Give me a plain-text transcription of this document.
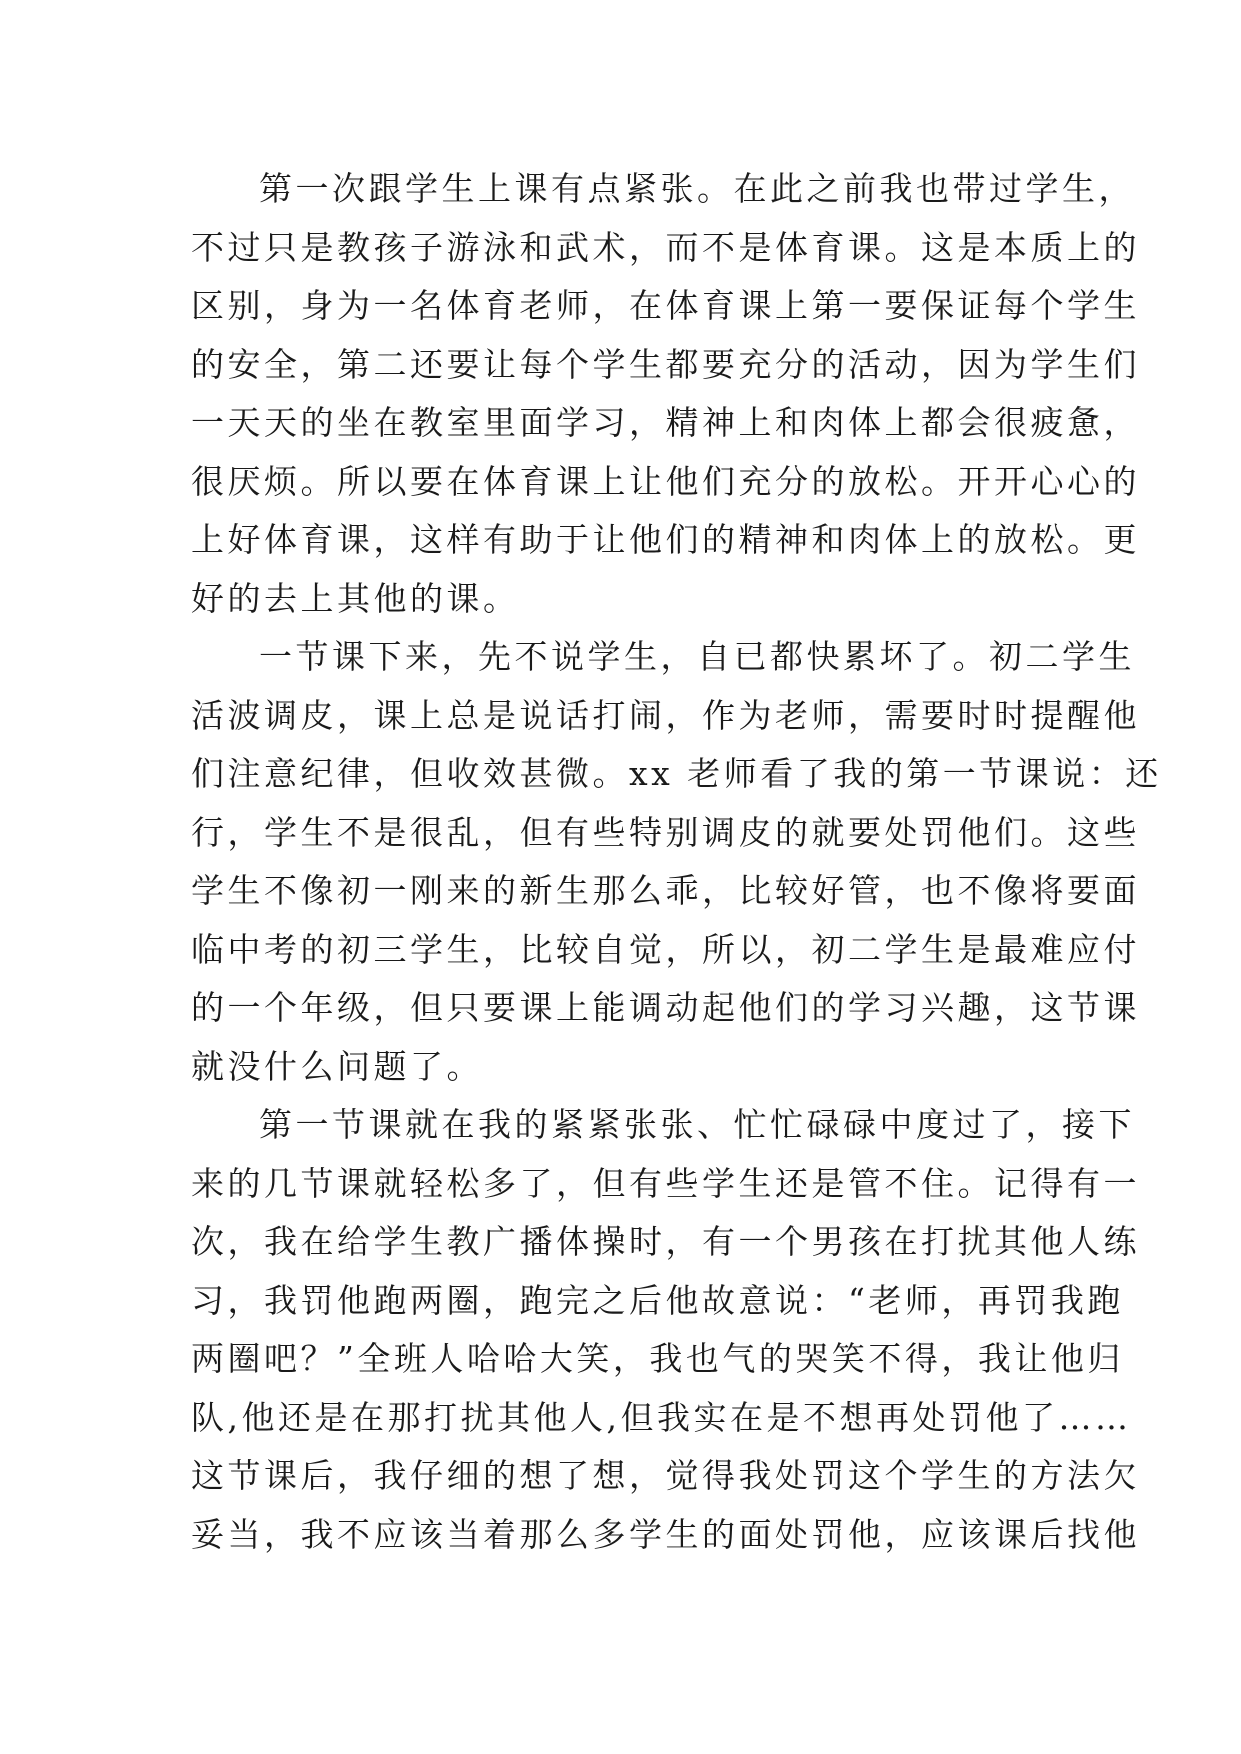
第一次跟学生上课有点紧张。在此之前我也带过学生，
不过只是教孩子游泳和武术，而不是体育课。这是本质上的
区别，身为一名体育老师，在体育课上第一要保证每个学生
的安全，第二还要让每个学生都要充分的活动，因为学生们
一天天的坐在教室里面学习，精神上和肉体上都会很疲惫，
很厌烦。所以要在体育课上让他们充分的放松。开开心心的
上好体育课，这样有助于让他们的精神和肉体上的放松。更
好的去上其他的课。
一节课下来，先不说学生，自已都快累坏了。初二学生
活波调皮，课上总是说话打闹，作为老师，需要时时提醒他
们注意纪律，但收效甚微。xx 老师看了我的第一节课说：还
行，学生不是很乱，但有些特别调皮的就要处罚他们。这些
学生不像初一刚来的新生那么乖，比较好管，也不像将要面
临中考的初三学生，比较自觉，所以，初二学生是最难应付
的一个年级，但只要课上能调动起他们的学习兴趣，这节课
就没什么问题了。
第一节课就在我的紧紧张张、忙忙碌碌中度过了，接下
来的几节课就轻松多了，但有些学生还是管不住。记得有一
次，我在给学生教广播体操时，有一个男孩在打扰其他人练
习，我罚他跑两圈，跑完之后他故意说：“老师，再罚我跑
两圈吧？”全班人哈哈大笑，我也气的哭笑不得，我让他归
队,他还是在那打扰其他人,但我实在是不想再处罚他了……
这节课后，我仔细的想了想，觉得我处罚这个学生的方法欠
妥当，我不应该当着那么多学生的面处罚他，应该课后找他
